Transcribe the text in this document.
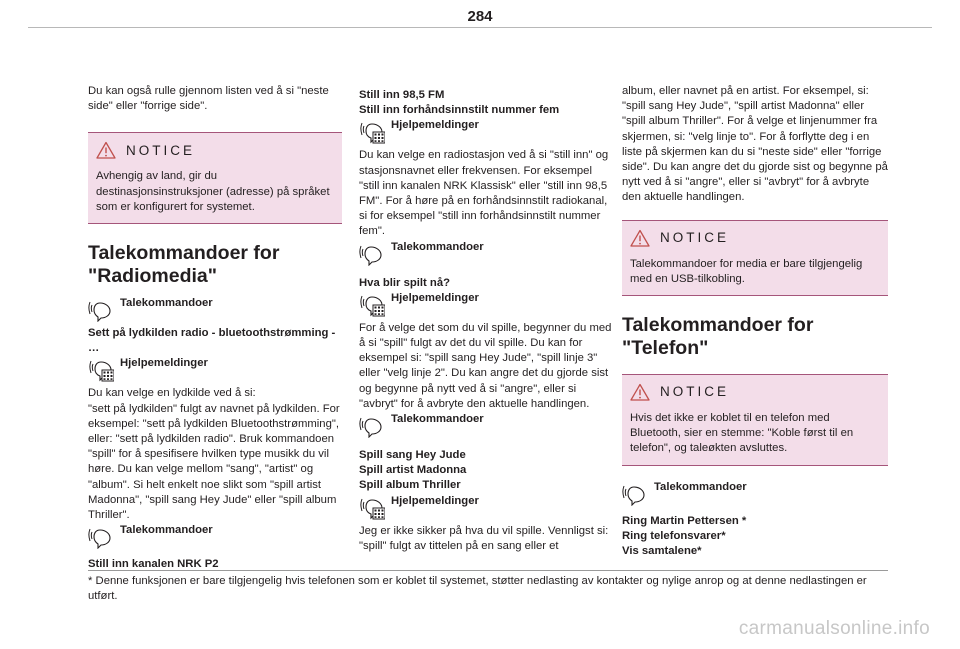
284

Du kan også rulle gjennom listen ved å si "neste side" eller "forrige side".

NOTICE

Avhengig av land, gir du destinasjonsinstruksjoner (adresse) på språket som er konfigurert for systemet.

Talekommandoer for
"Radiomedia"
Talekommandoer

Sett på lydkilden radio - bluetoothstrømming - …

Hjelpemeldinger

Du kan velge en lydkilde ved å si:
"sett på lydkilden" fulgt av navnet på lydkilden. For eksempel: "sett på lydkilden Bluetoothstrømming", eller: "sett på lydkilden radio". Bruk kommandoen "spill" for å spesifisere hvilken type musikk du vil høre. Du kan velge mellom "sang", "artist" og "album". Si helt enkelt noe slikt som "spill artist Madonna", "spill sang Hey Jude" eller "spill album Thriller".

Talekommandoer

Still inn kanalen NRK P2

Still inn 98,5 FM

Still inn forhåndsinnstilt nummer fem

Hjelpemeldinger

Du kan velge en radiostasjon ved å si "still inn" og stasjonsnavnet eller frekvensen. For eksempel "still inn kanalen NRK Klassisk" eller "still inn 98,5 FM". For å høre på en forhåndsinnstilt radiokanal, si for eksempel "still inn forhåndsinnstilt nummer fem".

Talekommandoer

Hva blir spilt nå?

Hjelpemeldinger

For å velge det som du vil spille, begynner du med å si "spill" fulgt av det du vil spille. Du kan for eksempel si: "spill sang Hey Jude", "spill linje 3" eller "velg linje 2". Du kan angre det du gjorde sist og begynne på nytt ved å si "angre", eller si "avbryt" for å avbryte den aktuelle handlingen.

Talekommandoer

Spill sang Hey Jude

Spill artist Madonna

Spill album Thriller

Hjelpemeldinger

Jeg er ikke sikker på hva du vil spille. Vennligst si: "spill" fulgt av tittelen på en sang eller et

album, eller navnet på en artist. For eksempel, si: "spill sang Hey Jude", "spill artist Madonna" eller "spill album Thriller". For å velge et linjenummer fra skjermen, si: "velg linje to". For å forflytte deg i en liste på skjermen kan du si "neste side" eller "forrige side". Du kan angre det du gjorde sist og begynne på nytt ved å si "angre", eller si "avbryt" for å avbryte den aktuelle handlingen.

NOTICE

Talekommandoer for media er bare tilgjengelig med en USB-tilkobling.

Talekommandoer for
"Telefon"
NOTICE

Hvis det ikke er koblet til en telefon med Bluetooth, sier en stemme: "Koble først til en telefon", og taleøkten avsluttes.

Talekommandoer

Ring Martin Pettersen *

Ring telefonsvarer*

Vis samtalene*

* Denne funksjonen er bare tilgjengelig hvis telefonen som er koblet til systemet, støtter nedlasting av kontakter og nylige anrop og at denne nedlastingen er utført.

carmanualsonline.info
